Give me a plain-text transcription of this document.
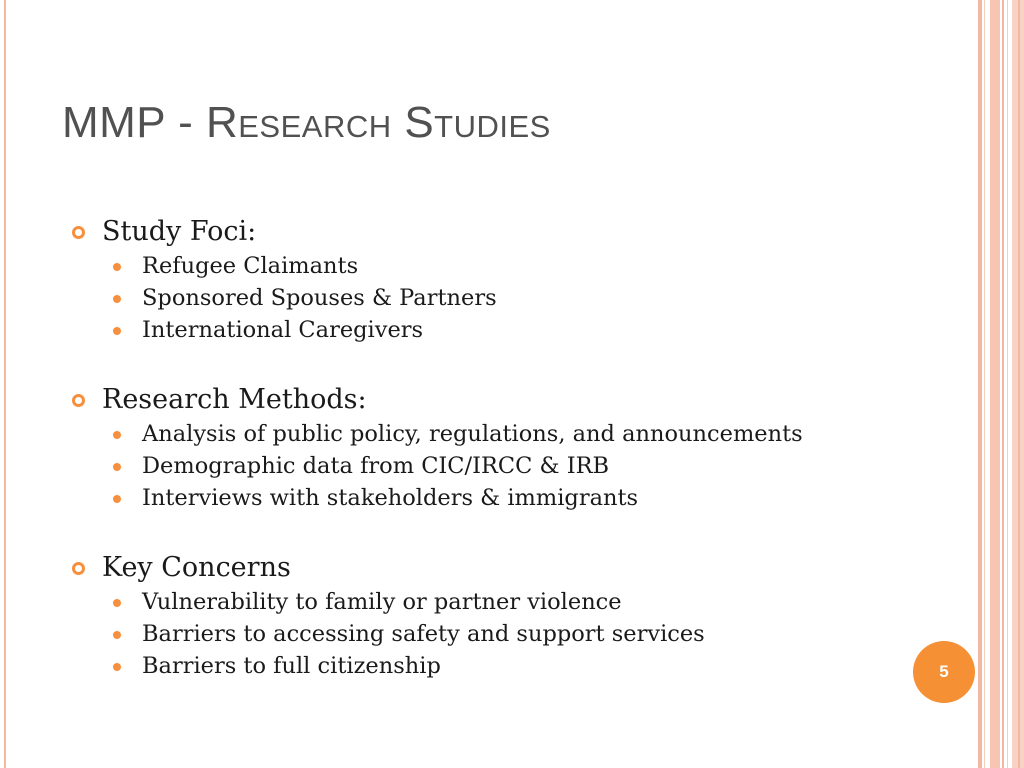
MMP - Research Studies
Study Foci:
Refugee Claimants
Sponsored Spouses & Partners
International Caregivers
Research Methods:
Analysis of public policy, regulations, and announcements
Demographic data from CIC/IRCC & IRB
Interviews with stakeholders & immigrants
Key Concerns
Vulnerability to family or partner violence
Barriers to accessing safety and support services
Barriers to full citizenship	5
